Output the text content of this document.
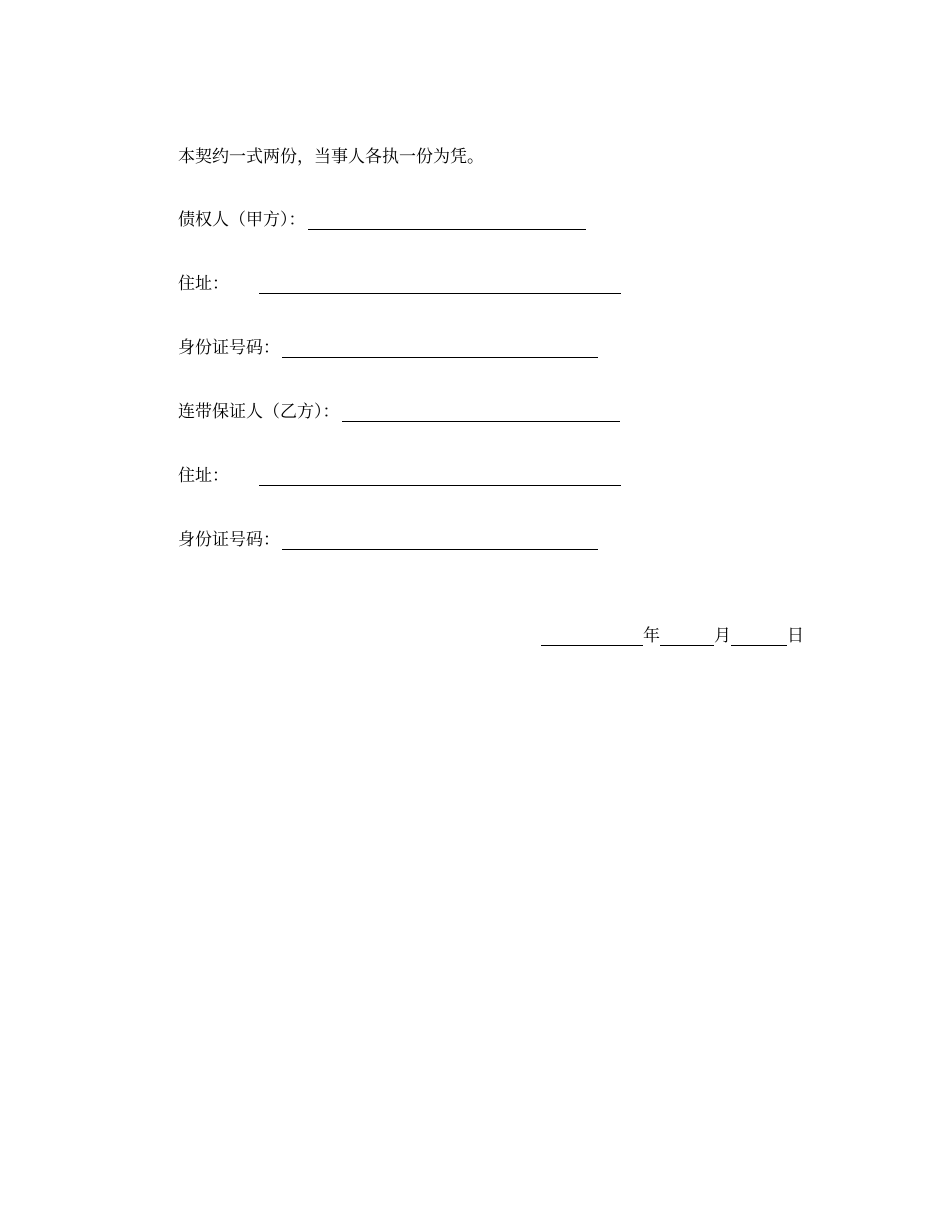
本契约一式两份，当事人各执一份为凭。
债权人（甲方）：
住址：
身份证号码：
连带保证人（乙方）：
住址：
身份证号码：
年	月	日
